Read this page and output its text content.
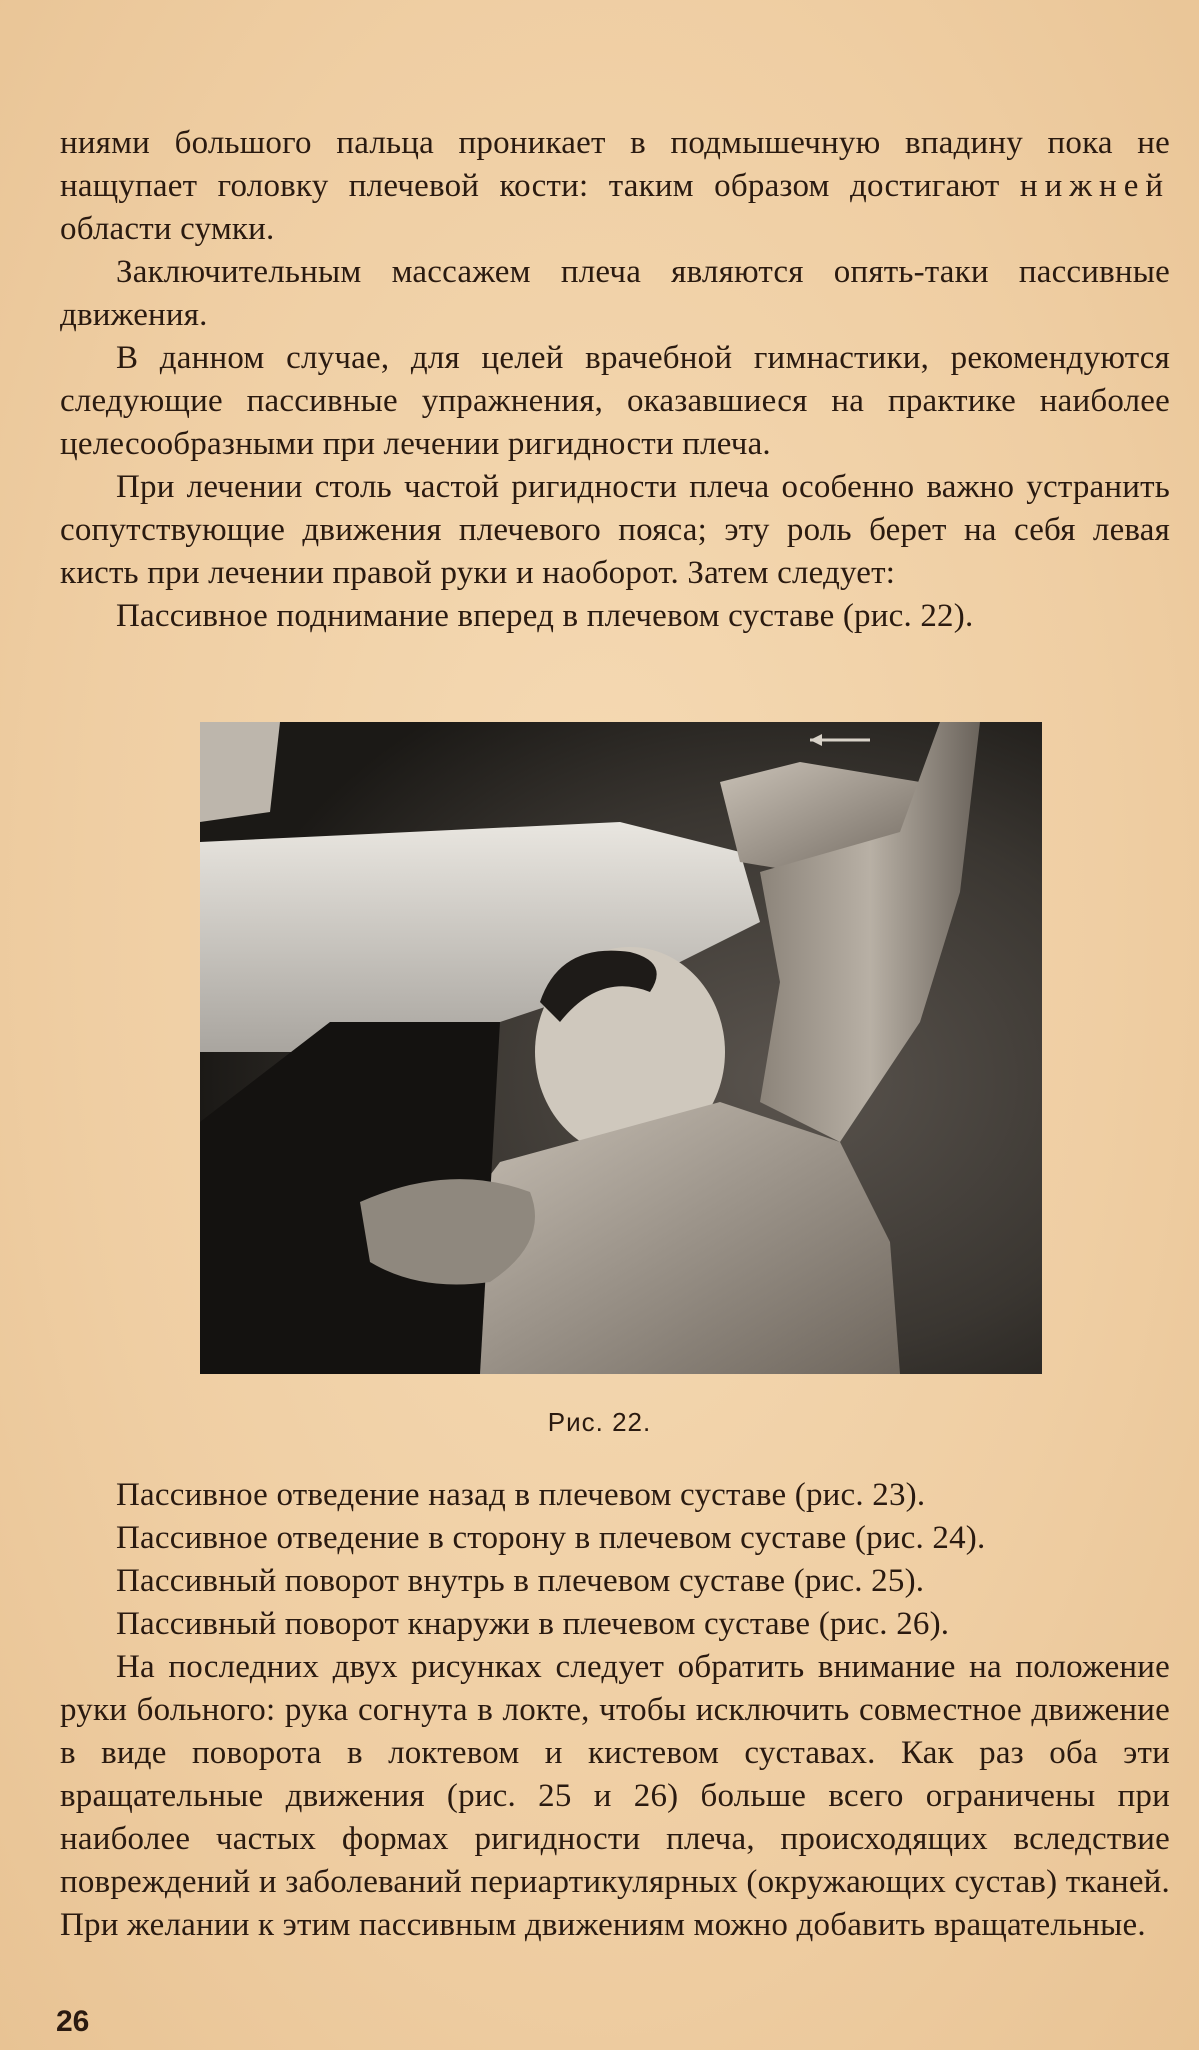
ниями большого пальца проникает в подмышечную впадину пока не нащупает головку плечевой кости: таким образом достигают нижней области сумки.

Заключительным массажем плеча являются опять-таки пассивные движения.

В данном случае, для целей врачебной гимнастики, рекомендуются следующие пассивные упражнения, оказавшиеся на практике наиболее целесообразными при лечении ригидности плеча.

При лечении столь частой ригидности плеча особенно важно устранить сопутствующие движения плечевого пояса; эту роль берет на себя левая кисть при лечении правой руки и наоборот. Затем следует:

Пассивное поднимание вперед в плечевом суставе (рис. 22).

Рис. 22.

Пассивное отведение назад в плечевом суставе (рис. 23).

Пассивное отведение в сторону в плечевом суставе (рис. 24).

Пассивный поворот внутрь в плечевом суставе (рис. 25).

Пассивный поворот кнаружи в плечевом суставе (рис. 26).

На последних двух рисунках следует обратить внимание на положение руки больного: рука согнута в локте, чтобы исключить совместное движение в виде поворота в локтевом и кистевом суставах. Как раз оба эти вращательные движения (рис. 25 и 26) больше всего ограничены при наиболее частых формах ригидности плеча, происходящих вследствие повреждений и заболеваний периартикулярных (окружающих сустав) тканей. При желании к этим пассивным движениям можно добавить вращательные.

26
